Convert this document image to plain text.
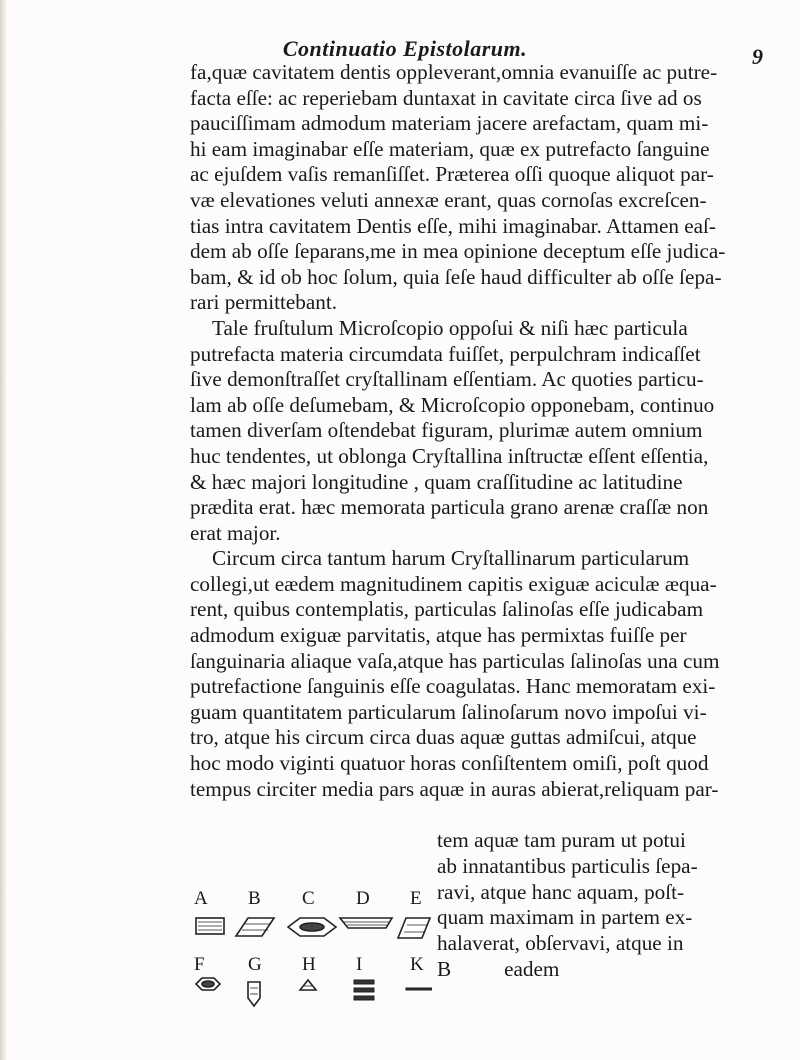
Continuatio Epistolarum.	9
fa,quæ cavitatem dentis oppleverant,omnia evanuiſſe ac putre-
facta eſſe: ac reperiebam duntaxat in cavitate circa ſive ad os
pauciſſimam admodum materiam jacere arefactam, quam mi-
hi eam imaginabar eſſe materiam, quæ ex putrefacto ſanguine
ac ejuſdem vaſis remanſiſſet. Præterea oſſi quoque aliquot par-
væ elevationes veluti annexæ erant, quas cornoſas excreſcen-
tias intra cavitatem Dentis eſſe, mihi imaginabar. Attamen eaſ-
dem ab oſſe ſeparans,me in mea opinione deceptum eſſe judica-
bam, & id ob hoc ſolum, quia ſeſe haud difficulter ab oſſe ſepa-
rari permittebant.
Tale fruſtulum Microſcopio oppoſui & niſi hæc particula
putrefacta materia circumdata fuiſſet, perpulchram indicaſſet
ſive demonſtraſſet cryſtallinam eſſentiam. Ac quoties particu-
lam ab oſſe deſumebam, & Microſcopio opponebam, continuo
tamen diverſam oſtendebat figuram, plurimæ autem omnium
huc tendentes, ut oblonga Cryſtallina inſtructæ eſſent eſſentia,
& hæc majori longitudine , quam craſſitudine ac latitudine
prædita erat. hæc memorata particula grano arenæ craſſæ non
erat major.
Circum circa tantum harum Cryſtallinarum particularum
collegi,ut eædem magnitudinem capitis exiguæ aciculæ æqua-
rent, quibus contemplatis, particulas ſalinoſas eſſe judicabam
admodum exiguæ parvitatis, atque has permixtas fuiſſe per
ſanguinaria aliaque vaſa,atque has particulas ſalinoſas una cum
putrefactione ſanguinis eſſe coagulatas. Hanc memoratam exi-
guam quantitatem particularum ſalinoſarum novo impoſui vi-
tro, atque his circum circa duas aquæ guttas admiſcui, atque
hoc modo viginti quatuor horas conſiſtentem omiſi, poſt quod
tempus circiter media pars aquæ in auras abierat,reliquam par-
tem aquæ tam puram ut potui
ab innatantibus particulis ſepa-
ravi, atque hanc aquam, poſt-
quam maximam in partem ex-
halaverat, obſervavi, atque in
B          eadem
A B C D E
F G H I K
